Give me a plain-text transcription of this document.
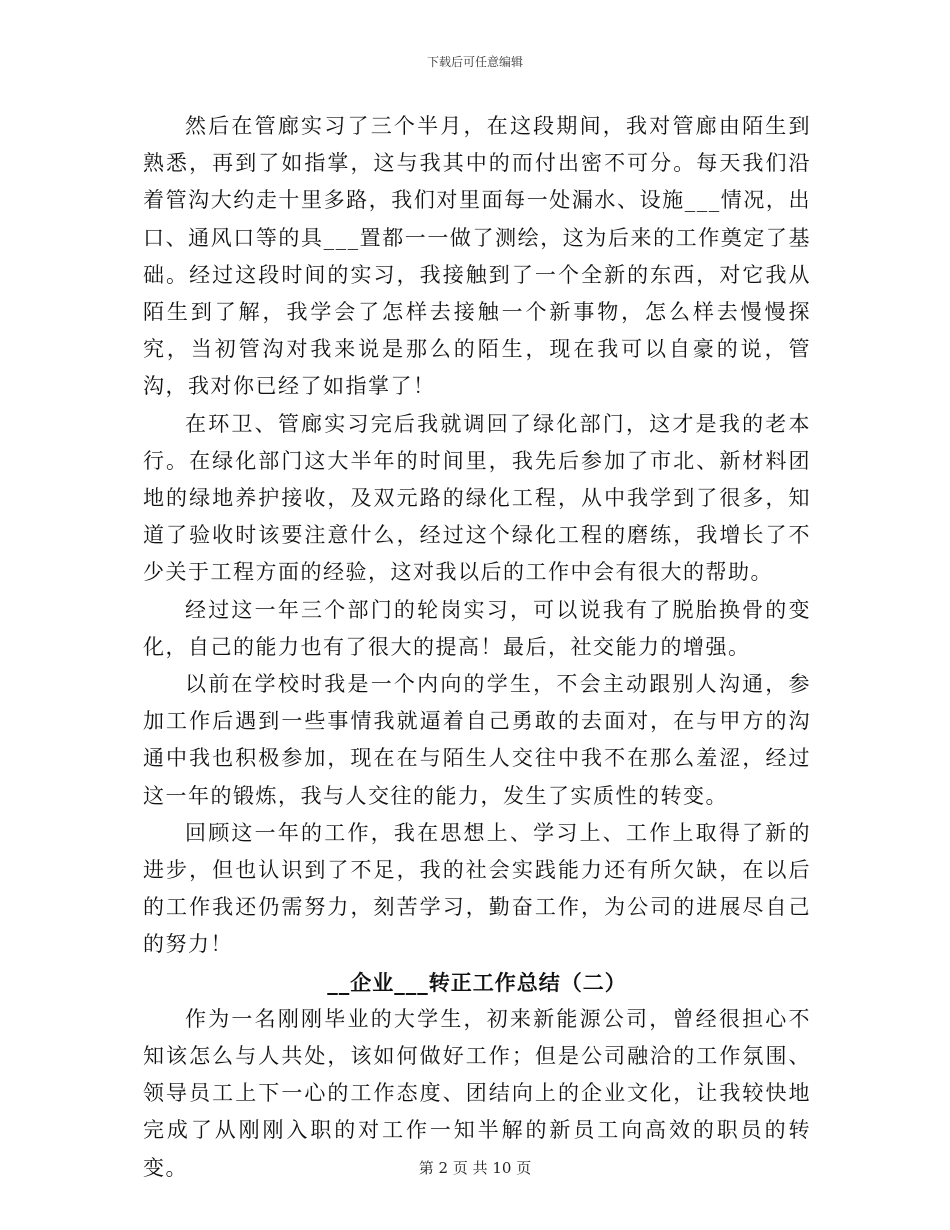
下载后可任意编辑

然后在管廊实习了三个半月，在这段期间，我对管廊由陌生到熟悉，再到了如指掌，这与我其中的而付出密不可分。每天我们沿着管沟大约走十里多路，我们对里面每一处漏水、设施___情况，出口、通风口等的具___置都一一做了测绘，这为后来的工作奠定了基础。经过这段时间的实习，我接触到了一个全新的东西，对它我从陌生到了解，我学会了怎样去接触一个新事物，怎么样去慢慢探究，当初管沟对我来说是那么的陌生，现在我可以自豪的说，管沟，我对你已经了如指掌了！

在环卫、管廊实习完后我就调回了绿化部门，这才是我的老本行。在绿化部门这大半年的时间里，我先后参加了市北、新材料团地的绿地养护接收，及双元路的绿化工程，从中我学到了很多，知道了验收时该要注意什么，经过这个绿化工程的磨练，我增长了不少关于工程方面的经验，这对我以后的工作中会有很大的帮助。

经过这一年三个部门的轮岗实习，可以说我有了脱胎换骨的变化，自己的能力也有了很大的提高！最后，社交能力的增强。

以前在学校时我是一个内向的学生，不会主动跟别人沟通，参加工作后遇到一些事情我就逼着自己勇敢的去面对，在与甲方的沟通中我也积极参加，现在在与陌生人交往中我不在那么羞涩，经过这一年的锻炼，我与人交往的能力，发生了实质性的转变。

回顾这一年的工作，我在思想上、学习上、工作上取得了新的进步，但也认识到了不足，我的社会实践能力还有所欠缺，在以后的工作我还仍需努力，刻苦学习，勤奋工作，为公司的进展尽自己的努力！

__企业___转正工作总结（二）

作为一名刚刚毕业的大学生，初来新能源公司，曾经很担心不知该怎么与人共处，该如何做好工作；但是公司融洽的工作氛围、领导员工上下一心的工作态度、团结向上的企业文化，让我较快地完成了从刚刚入职的对工作一知半解的新员工向高效的职员的转变。	第 2 页 共 10 页
